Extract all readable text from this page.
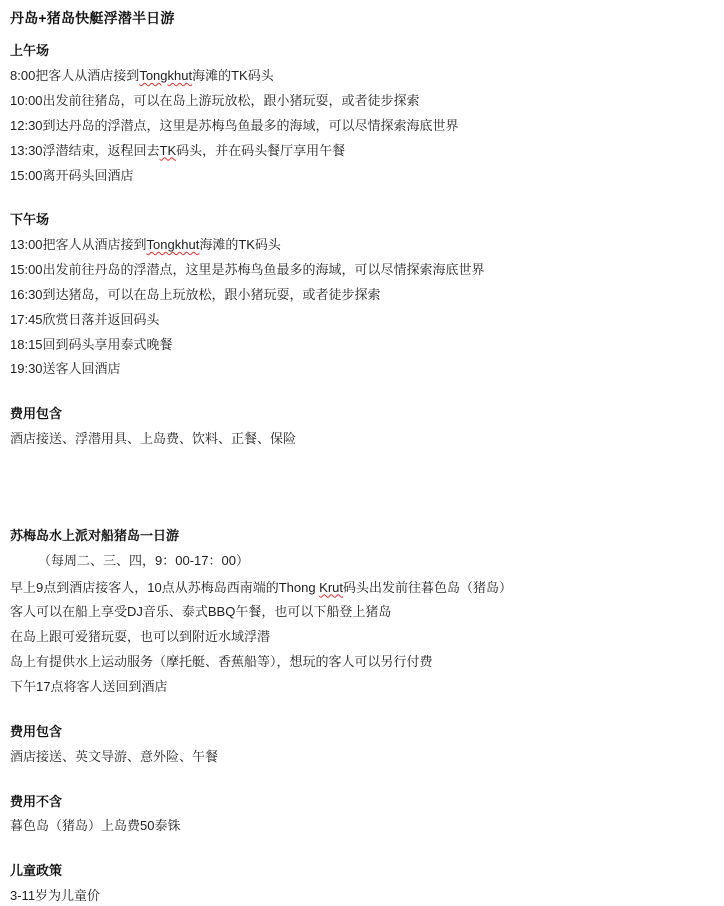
丹岛+猪岛快艇浮潜半日游
上午场
8:00把客人从酒店接到Tongkhut海滩的TK码头
10:00出发前往猪岛，可以在岛上游玩放松，跟小猪玩耍，或者徒步探索
12:30到达丹岛的浮潜点，这里是苏梅鸟鱼最多的海域，可以尽情探索海底世界
13:30浮潜结束，返程回去TK码头，并在码头餐厅享用午餐
15:00离开码头回酒店
下午场
13:00把客人从酒店接到Tongkhut海滩的TK码头
15:00出发前往丹岛的浮潜点，这里是苏梅鸟鱼最多的海域，可以尽情探索海底世界
16:30到达猪岛，可以在岛上玩放松，跟小猪玩耍，或者徒步探索
17:45欣赏日落并返回码头
18:15回到码头享用泰式晚餐
19:30送客人回酒店
费用包含
酒店接送、浮潜用具、上岛费、饮料、正餐、保险
苏梅岛水上派对船猪岛一日游
（每周二、三、四，9：00-17：00）
早上9点到酒店接客人，10点从苏梅岛西南端的Thong Krut码头出发前往暮色岛（猪岛）
客人可以在船上享受DJ音乐、泰式BBQ午餐，也可以下船登上猪岛
在岛上跟可爱猪玩耍，也可以到附近水域浮潜
岛上有提供水上运动服务（摩托艇、香蕉船等），想玩的客人可以另行付费
下午17点将客人送回到酒店
费用包含
酒店接送、英文导游、意外险、午餐
费用不含
暮色岛（猪岛）上岛费50泰铢
儿童政策
3-11岁为儿童价
